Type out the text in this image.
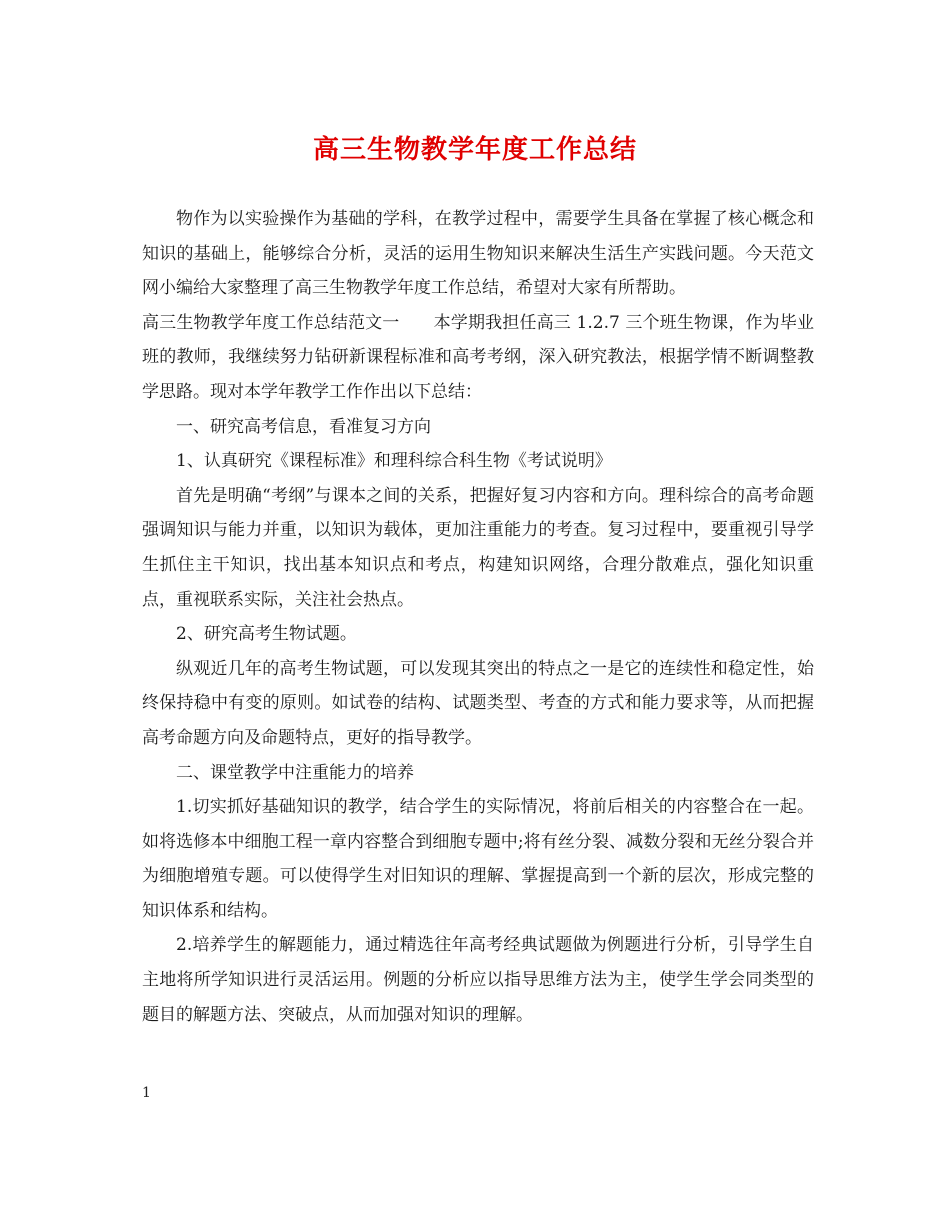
高三生物教学年度工作总结

物作为以实验操作为基础的学科，在教学过程中，需要学生具备在掌握了核心概念和知识的基础上，能够综合分析，灵活的运用生物知识来解决生活生产实践问题。今天范文网小编给大家整理了高三生物教学年度工作总结，希望对大家有所帮助。

高三生物教学年度工作总结范文一 本学期我担任高三 1.2.7 三个班生物课，作为毕业班的教师，我继续努力钻研新课程标准和高考考纲，深入研究教法，根据学情不断调整教学思路。现对本学年教学工作作出以下总结：

一、研究高考信息，看准复习方向

1、认真研究《课程标准》和理科综合科生物《考试说明》

首先是明确“考纲”与课本之间的关系，把握好复习内容和方向。理科综合的高考命题强调知识与能力并重，以知识为载体，更加注重能力的考查。复习过程中，要重视引导学生抓住主干知识，找出基本知识点和考点，构建知识网络，合理分散难点，强化知识重点，重视联系实际，关注社会热点。

2、研究高考生物试题。

纵观近几年的高考生物试题，可以发现其突出的特点之一是它的连续性和稳定性，始终保持稳中有变的原则。如试卷的结构、试题类型、考查的方式和能力要求等，从而把握高考命题方向及命题特点，更好的指导教学。

二、课堂教学中注重能力的培养

1.切实抓好基础知识的教学，结合学生的实际情况，将前后相关的内容整合在一起。如将选修本中细胞工程一章内容整合到细胞专题中;将有丝分裂、减数分裂和无丝分裂合并为细胞增殖专题。可以使得学生对旧知识的理解、掌握提高到一个新的层次，形成完整的知识体系和结构。

2.培养学生的解题能力，通过精选往年高考经典试题做为例题进行分析，引导学生自主地将所学知识进行灵活运用。例题的分析应以指导思维方法为主，使学生学会同类型的题目的解题方法、突破点，从而加强对知识的理解。

1
